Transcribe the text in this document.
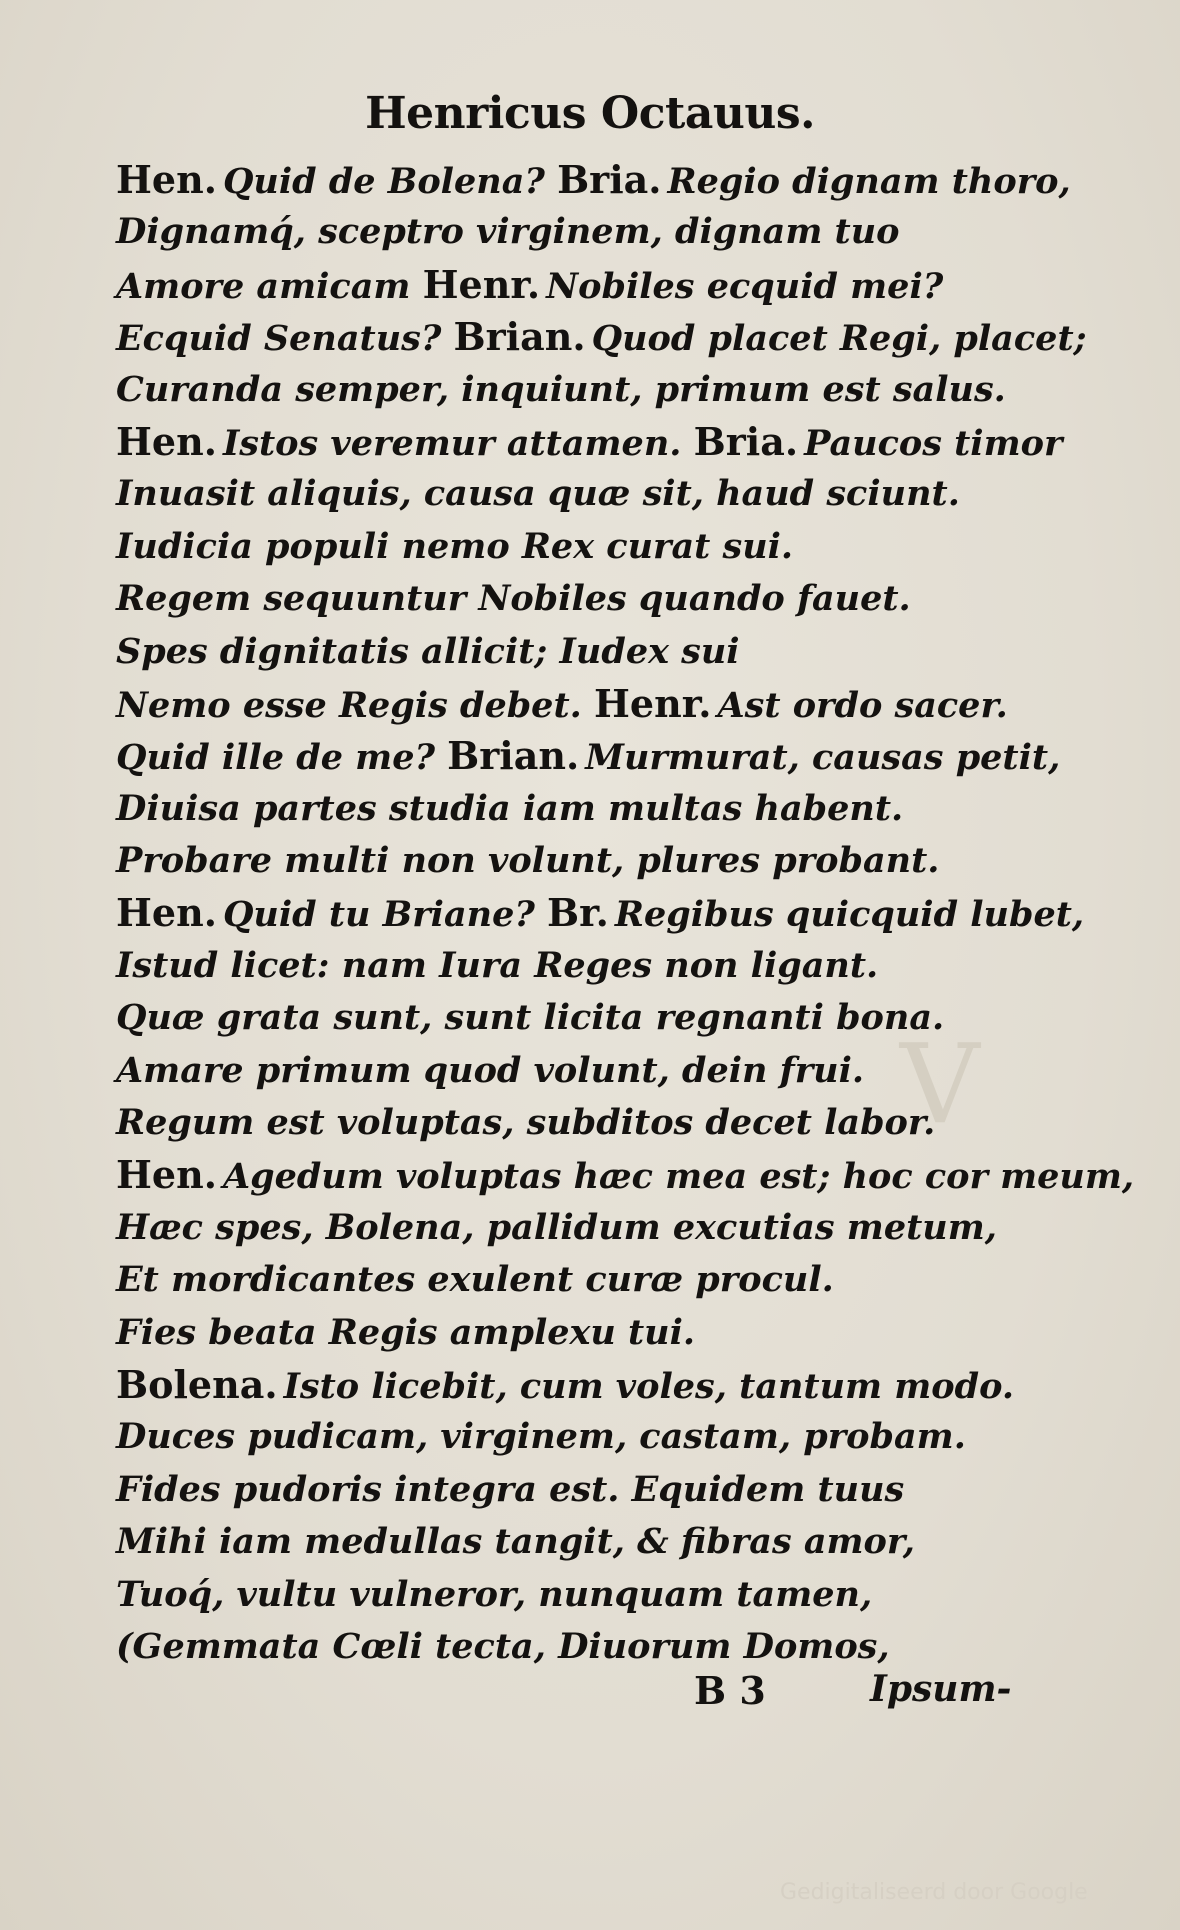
V
Henricus Octauus.
Hen. Quid de Bolena? Bria. Regio dignam thoro,
Dignamq́, sceptro virginem, dignam tuo
Amore amicam Henr. Nobiles ecquid mei?
Ecquid Senatus? Brian. Quod placet Regi, placet;
Curanda semper, inquiunt, primum est salus.
Hen. Istos veremur attamen. Bria. Paucos timor
Inuasit aliquis, causa quæ sit, haud sciunt.
Iudicia populi nemo Rex curat sui.
Regem sequuntur Nobiles quando fauet.
Spes dignitatis allicit; Iudex sui
Nemo esse Regis debet. Henr. Ast ordo sacer.
Quid ille de me? Brian. Murmurat, causas petit,
Diuisa partes studia iam multas habent.
Probare multi non volunt, plures probant.
Hen. Quid tu Briane? Br. Regibus quicquid lubet,
Istud licet: nam Iura Reges non ligant.
Quæ grata sunt, sunt licita regnanti bona.
Amare primum quod volunt, dein frui.
Regum est voluptas, subditos decet labor.
Hen. Agedum voluptas hæc mea est; hoc cor meum,
Hæc spes, Bolena, pallidum excutias metum,
Et mordicantes exulent curæ procul.
Fies beata Regis amplexu tui.
Bolena. Isto licebit, cum voles, tantum modo.
Duces pudicam, virginem, castam, probam.
Fides pudoris integra est. Equidem tuus
Mihi iam medullas tangit, & fibras amor,
Tuoq́, vultu vulneror, nunquam tamen,
(Gemmata Cœli tecta, Diuorum Domos,
B 3	Ipsum-
Gedigitaliseerd door Google
